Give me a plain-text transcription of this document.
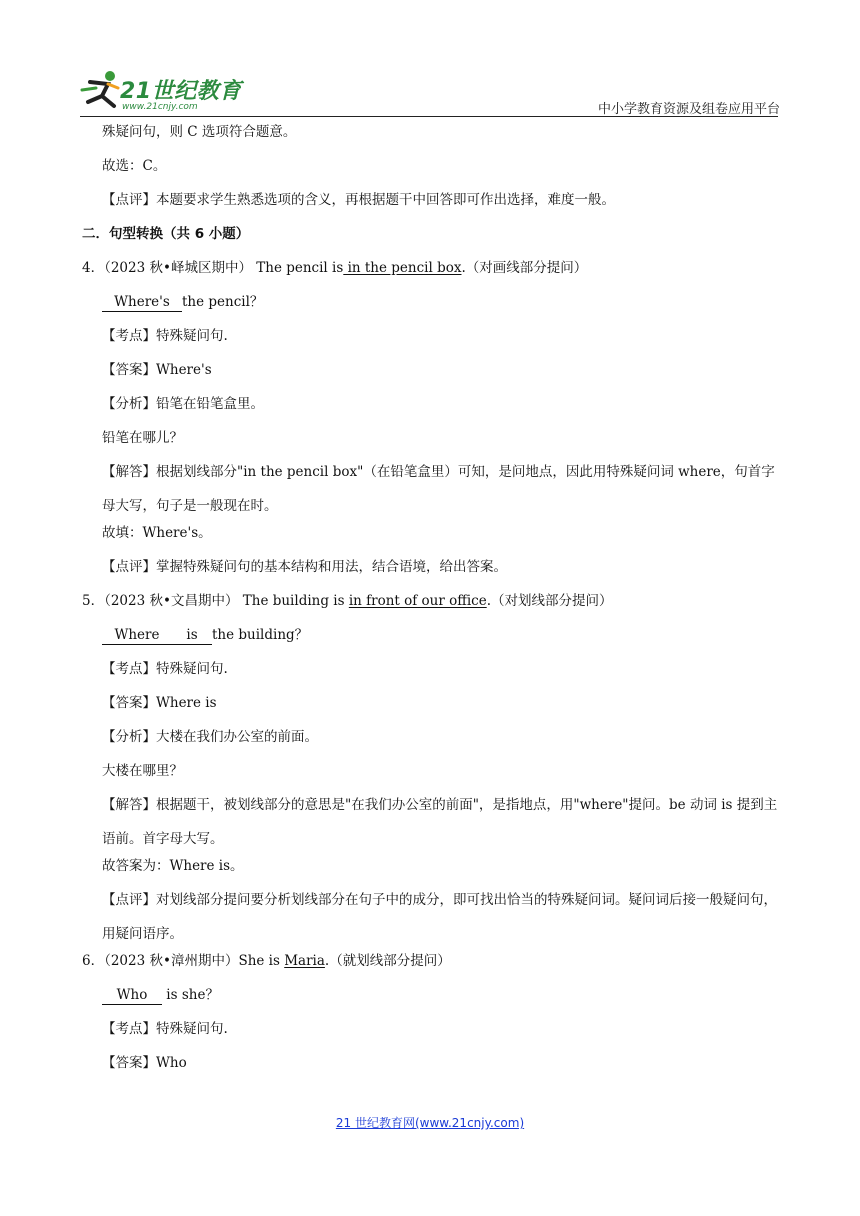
21世纪教育
www.21cnjy.com	中小学教育资源及组卷应用平台

殊疑问句，则 C 选项符合题意。

故选：C。

【点评】本题要求学生熟悉选项的含义，再根据题干中回答即可作出选择，难度一般。

二．句型转换（共 6 小题）

4．（2023 秋•峄城区期中） The pencil is in the pencil box.（对画线部分提问）

Where's the pencil？

【考点】特殊疑问句.

【答案】Where's

【分析】铅笔在铅笔盒里。

铅笔在哪儿？

【解答】根据划线部分"in the pencil box"（在铅笔盒里）可知，是问地点，因此用特殊疑问词 where，句首字母大写，句子是一般现在时。

故填：Where's。

【点评】掌握特殊疑问句的基本结构和用法，结合语境，给出答案。

5．（2023 秋•文昌期中） The building is in front of our office.（对划线部分提问）

Where is the building？

【考点】特殊疑问句.

【答案】Where is

【分析】大楼在我们办公室的前面。

大楼在哪里？

【解答】根据题干，被划线部分的意思是"在我们办公室的前面"，是指地点，用"where"提问。be 动词 is 提到主语前。首字母大写。

故答案为：Where is。

【点评】对划线部分提问要分析划线部分在句子中的成分，即可找出恰当的特殊疑问词。疑问词后接一般疑问句，用疑问语序。

6．（2023 秋•漳州期中）She is Maria.（就划线部分提问）

Who is she？

【考点】特殊疑问句.

【答案】Who

21 世纪教育网(www.21cnjy.com)
